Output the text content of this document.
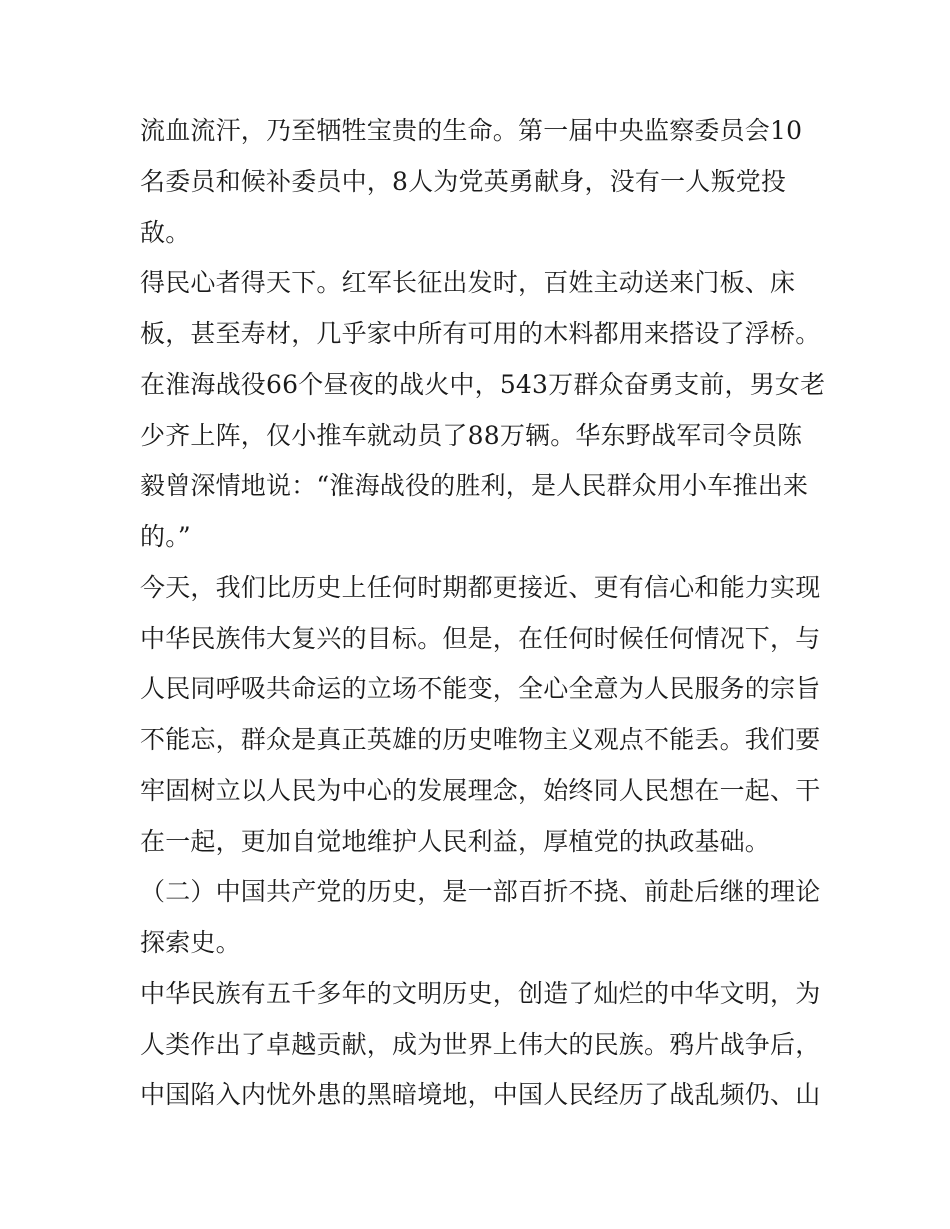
流血流汗，乃至牺牲宝贵的生命。第一届中央监察委员会10
名委员和候补委员中，8人为党英勇献身，没有一人叛党投
敌。
得民心者得天下。红军长征出发时，百姓主动送来门板、床
板，甚至寿材，几乎家中所有可用的木料都用来搭设了浮桥。
在淮海战役66个昼夜的战火中，543万群众奋勇支前，男女老
少齐上阵，仅小推车就动员了88万辆。华东野战军司令员陈
毅曾深情地说：“淮海战役的胜利，是人民群众用小车推出来
的。”
今天，我们比历史上任何时期都更接近、更有信心和能力实现
中华民族伟大复兴的目标。但是，在任何时候任何情况下，与
人民同呼吸共命运的立场不能变，全心全意为人民服务的宗旨
不能忘，群众是真正英雄的历史唯物主义观点不能丢。我们要
牢固树立以人民为中心的发展理念，始终同人民想在一起、干
在一起，更加自觉地维护人民利益，厚植党的执政基础。
（二）中国共产党的历史，是一部百折不挠、前赴后继的理论
探索史。
中华民族有五千多年的文明历史，创造了灿烂的中华文明，为
人类作出了卓越贡献，成为世界上伟大的民族。鸦片战争后，
中国陷入内忧外患的黑暗境地，中国人民经历了战乱频仍、山
